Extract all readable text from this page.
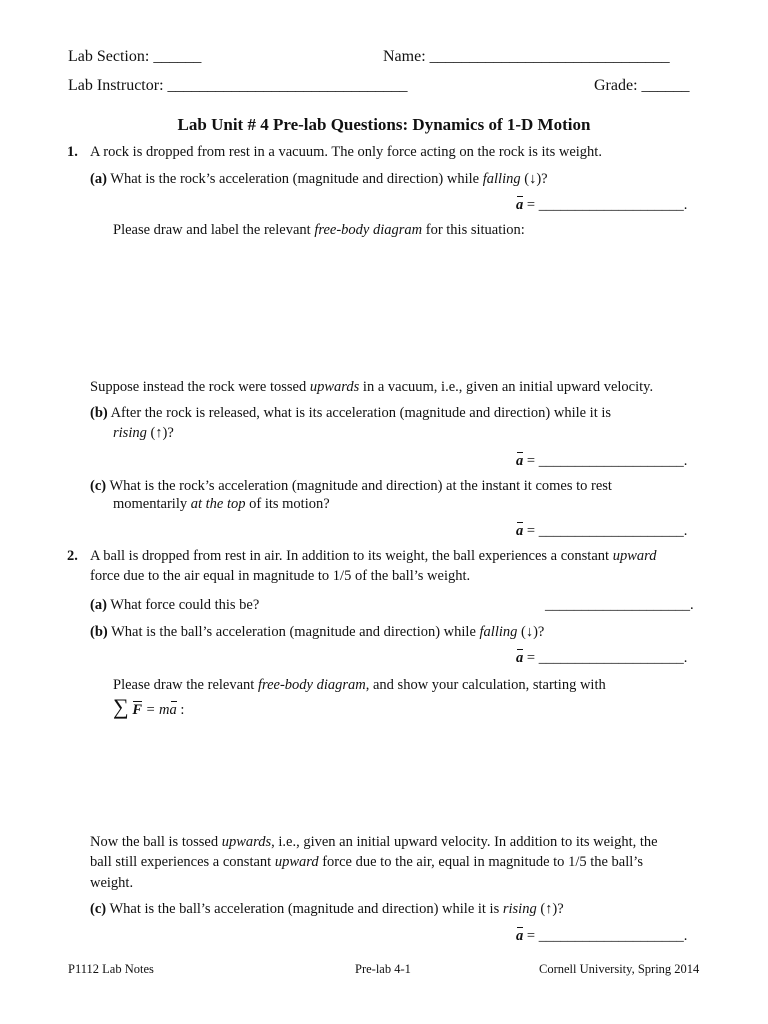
Lab Section: ______	Name: ______________________________
Lab Instructor: ______________________________	Grade: ______
Lab Unit # 4 Pre-lab Questions: Dynamics of 1-D Motion
1. A rock is dropped from rest in a vacuum. The only force acting on the rock is its weight.
(a) What is the rock’s acceleration (magnitude and direction) while falling (↓)?
a = ____________________.
Please draw and label the relevant free-body diagram for this situation:
Suppose instead the rock were tossed upwards in a vacuum, i.e., given an initial upward velocity.
(b) After the rock is released, what is its acceleration (magnitude and direction) while it is
rising (↑)?
a = ____________________.
(c) What is the rock’s acceleration (magnitude and direction) at the instant it comes to rest
momentarily at the top of its motion?
a = ____________________.
2. A ball is dropped from rest in air. In addition to its weight, the ball experiences a constant upward
force due to the air equal in magnitude to 1/5 of the ball’s weight.
(a) What force could this be?	____________________.
(b) What is the ball’s acceleration (magnitude and direction) while falling (↓)?
a = ____________________.
Please draw the relevant free-body diagram, and show your calculation, starting with
∑ F = ma :
Now the ball is tossed upwards, i.e., given an initial upward velocity. In addition to its weight, the
ball still experiences a constant upward force due to the air, equal in magnitude to 1/5 the ball’s
weight.
(c) What is the ball’s acceleration (magnitude and direction) while it is rising (↑)?
a = ____________________.
P1112 Lab Notes	Pre-lab 4-1	Cornell University, Spring 2014
